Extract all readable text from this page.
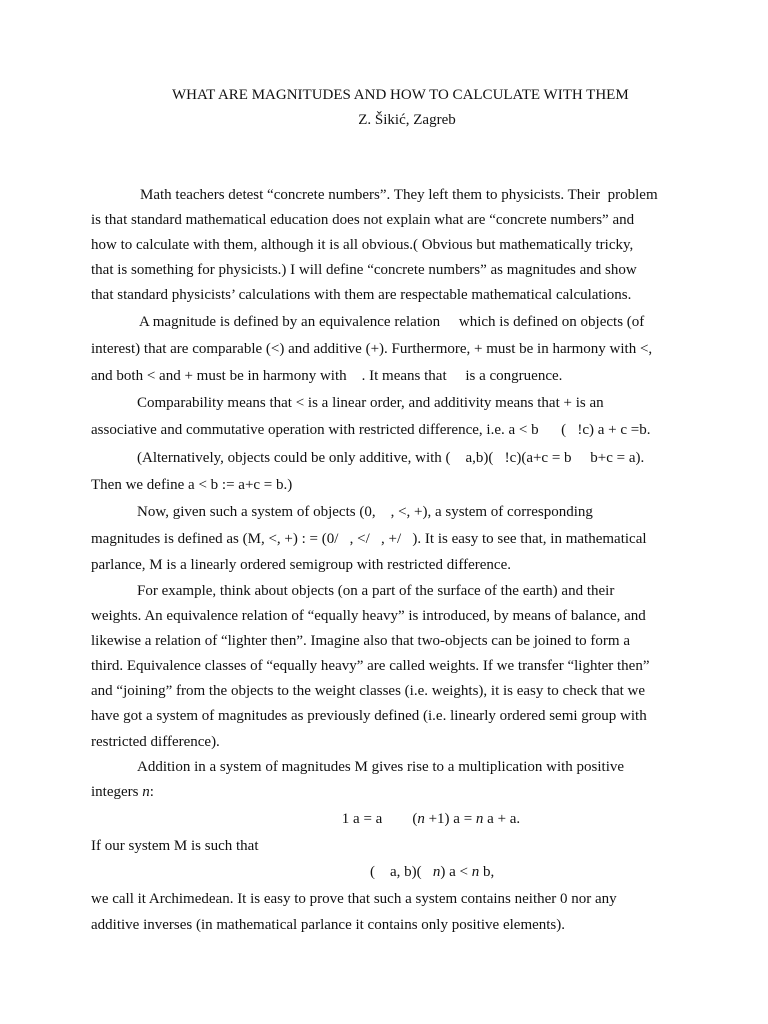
WHAT ARE MAGNITUDES AND HOW TO CALCULATE WITH THEM
Z. Šikić, Zagreb
Math teachers detest “concrete numbers”. They left them to physicists. Their  problem
is that standard mathematical education does not explain what are “concrete numbers” and
how to calculate with them, although it is all obvious.( Obvious but mathematically tricky,
that is something for physicists.) I will define “concrete numbers” as magnitudes and show
that standard physicists’ calculations with them are respectable mathematical calculations.
A magnitude is defined by an equivalence relation     which is defined on objects (of
interest) that are comparable (<) and additive (+). Furthermore, + must be in harmony with <,
and both < and + must be in harmony with    . It means that     is a congruence.
Comparability means that < is a linear order, and additivity means that + is an
associative and commutative operation with restricted difference, i.e. a < b      (   !c) a + c =b.
(Alternatively, objects could be only additive, with (    a,b)(   !c)(a+c = b     b+c = a).
Then we define a < b := a+c = b.)
Now, given such a system of objects (0,    , <, +), a system of corresponding
magnitudes is defined as (M, <, +) : = (0/   , </   , +/   ). It is easy to see that, in mathematical
parlance, M is a linearly ordered semigroup with restricted difference.
For example, think about objects (on a part of the surface of the earth) and their
weights. An equivalence relation of “equally heavy” is introduced, by means of balance, and
likewise a relation of “lighter then”. Imagine also that two-objects can be joined to form a
third. Equivalence classes of “equally heavy” are called weights. If we transfer “lighter then”
and “joining” from the objects to the weight classes (i.e. weights), it is easy to check that we
have got a system of magnitudes as previously defined (i.e. linearly ordered semi group with
restricted difference).
Addition in a system of magnitudes M gives rise to a multiplication with positive
integers n:
1 a = a        (n +1) a = n a + a.
If our system M is such that
(    a, b)(   n) a < n b,
we call it Archimedean. It is easy to prove that such a system contains neither 0 nor any
additive inverses (in mathematical parlance it contains only positive elements).
